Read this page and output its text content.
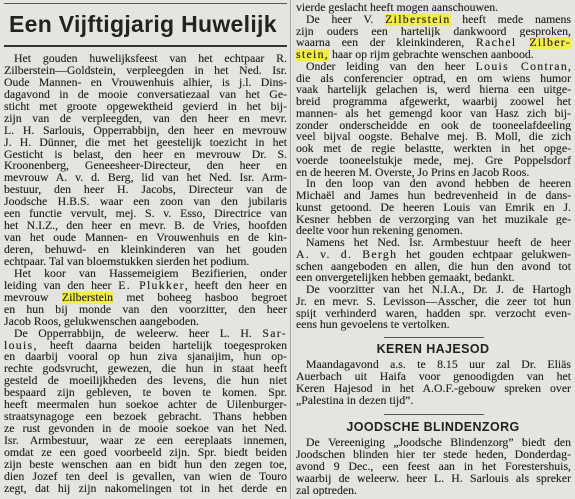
Een Vijftigjarig Huwelijk
Het gouden huwelijksfeest van het echtpaar R.
Zilberstein—Goldstein, verpleegden in het Ned. Isr.
Oude Mannen- en Vrouwenhuis alhier, is j.l. Dins-
dagavond in de mooie conversatiezaal van het Ge-
sticht met groote opgewektheid gevierd in het bij-
zijn van de verpleegden, van den heer en mevr.
L. H. Sarlouis, Opperrabbijn, den heer en mevrouw
J. H. Dünner, die met het geestelijk toezicht in het
Gesticht is belast, den heer en mevrouw Dr. S.
Kroonenberg, Geneesheer-Directeur, den heer en
mevrouw A. v. d. Berg, lid van het Ned. Isr. Arm-
bestuur, den heer H. Jacobs, Directeur van de
Joodsche H.B.S. waar een zoon van den jubilaris
een functie vervult, mej. S. v. Esso, Directrice van
het N.I.Z., den heer en mevr. B. de Vries, hoofden
van het oude Mannen- en Vrouwenhuis en de kin-
deren, behuwd- en kleinkinderen van het gouden
echtpaar. Tal van bloemstukken sierden het podium.
Het koor van Hassemeigiem Bezifierien, onder
leiding van den heer E. Plukker, heeft den heer en
mevrouw Zilberstein met boheeg hasboo begroet
en hun bij monde van den voorzitter, den heer
Jacob Roos, gelukwenschen aangeboden.
De Opperrabbijn, de weleerw. heer L. H. Sar-
louis, heeft daarna beiden hartelijk toegesproken
en daarbij vooral op hun ziva sjanaijim, hun op-
rechte godsvrucht, gewezen, die hun in staat heeft
gesteld de moeilijkheden des levens, die hun niet
bespaard zijn gebleven, te boven te komen. Spr.
heeft meermalen hun soekoe achter de Uilenburger-
straatsynagoge een bezoek gebracht. Thans hebben
ze rust gevonden in de mooie soekoe van het Ned.
Isr. Armbestuur, waar ze een eereplaats innemen,
omdat ze een goed voorbeeld zijn. Spr. biedt beiden
zijn beste wenschen aan en bidt hun den zegen toe,
dien Jozef ten deel is gevallen, van wien de Touro
zegt, dat hij zijn nakomelingen tot in het derde en
vierde geslacht heeft mogen aanschouwen.
De heer V. Zilberstein heeft mede namens
zijn ouders een hartelijk dankwoord gesproken,
waarna een der kleinkinderen, Rachel Zilber-
stein, haar op rijm gebrachte wenschen aanbood.
Onder leiding van den heer Louis Contran,
die als conferencier optrad, en om wiens humor
vaak hartelijk gelachen is, werd hierna een uitge-
breid programma afgewerkt, waarbij zoowel het
mannen- als het gemengd koor van Hasz zich bij-
zonder onderscheidde en ook de tooneelafdeeling
veel bijval oogste. Behalve mej. B. Moll, die zich
ook met de regie belastte, werkten in het opge-
voerde tooneelstukje mede, mej. Gre Poppelsdorf
en de heeren M. Overste, Jo Prins en Jacob Roos.
In den loop van den avond hebben de heeren
Michaël and James hun bedrevenheid in de dans-
kunst getoond. De heeren Louis van Emrik en J.
Kesner hebben de verzorging van het muzikale ge-
deelte voor hun rekening genomen.
Namens het Ned. Isr. Armbestuur heeft de heer
A. v. d. Bergh het gouden echtpaar gelukwen-
schen aangeboden en allen, die hun den avond tot
een onvergetelijken hebben gemaakt, bedankt.
De voorzitter van het N.I.A., Dr. J. de Hartogh
Jr. en mevr. S. Levisson—Asscher, die zeer tot hun
spijt verhinderd waren, hadden spr. verzocht even-
eens hun gevoelens te vertolken.
KEREN HAJESOD
Maandagavond a.s. te 8.15 uur zal Dr. Eliäs
Auerbach uit Haifa voor genoodigden van het
Keren Hajesod in het A.O.F.-gebouw spreken over
„Palestina in dezen tijd”.
JOODSCHE BLINDENZORG
De Vereeniging „Joodsche Blindenzorg” biedt den
Joodschen blinden hier ter stede heden, Donderdag-
avond 9 Dec., een feest aan in het Forestershuis,
waarbij de weleerw. heer L. H. Sarlouis als spreker
zal optreden.
